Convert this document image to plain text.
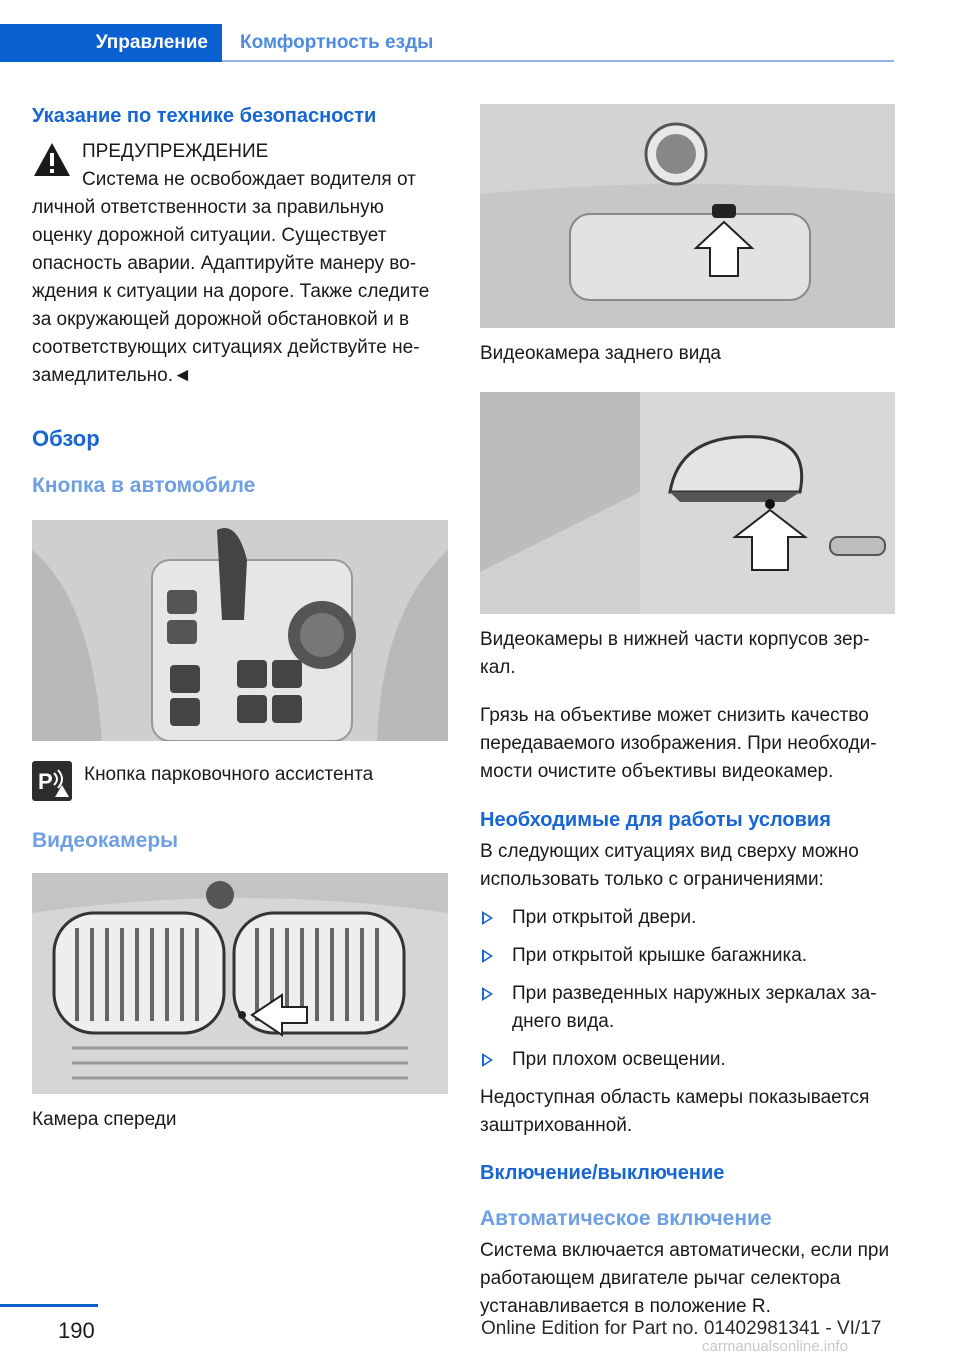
Управление	Комфортность езды
Указание по технике безопасности

ПРЕДУПРЕЖДЕНИЕ

Система не освобождает водителя от личной ответственности за правильную оценку дорожной ситуации. Существует опасность аварии. Адаптируйте манеру во-ждения к ситуации на дороге. Также следите за окружающей дорожной обстановкой и в соответствующих ситуациях действуйте не-замедлительно.◄

Обзор
Кнопка в автомобиле
P Кнопка парковочного ассистента

Видеокамеры

Камера спереди

Видеокамера заднего вида

Видеокамеры в нижней части корпусов зер-кал.

Грязь на объективе может снизить качество передаваемого изображения. При необходи-мости очистите объективы видеокамер.

Необходимые для работы условия

В следующих ситуациях вид сверху можно использовать только с ограничениями:

При открытой двери.
При открытой крышке багажника.
При разведенных наружных зеркалах за-днего вида.
При плохом освещении.

Недоступная область камеры показывается заштрихованной.

Включение/выключение
Автоматическое включение

Система включается автоматически, если при работающем двигателе рычаг селектора устанавливается в положение R.

190	Online Edition for Part no. 01402981341 - VI/17
carmanualsonline.info
